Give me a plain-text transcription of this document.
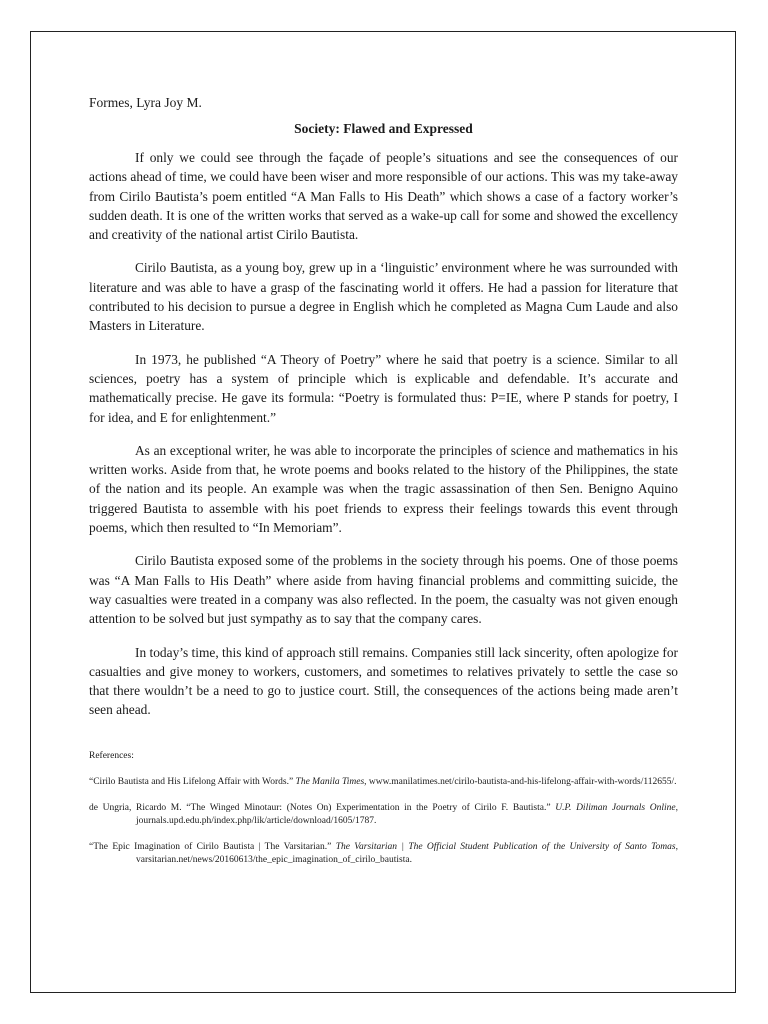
Formes, Lyra Joy M.

Society: Flawed and Expressed

If only we could see through the façade of people’s situations and see the consequences of our actions ahead of time, we could have been wiser and more responsible of our actions. This was my take-away from Cirilo Bautista’s poem entitled “A Man Falls to His Death” which shows a case of a factory worker’s sudden death. It is one of the written works that served as a wake-up call for some and showed the excellency and creativity of the national artist Cirilo Bautista.

Cirilo Bautista, as a young boy, grew up in a ‘linguistic’ environment where he was surrounded with literature and was able to have a grasp of the fascinating world it offers. He had a passion for literature that contributed to his decision to pursue a degree in English which he completed as Magna Cum Laude and also Masters in Literature.

In 1973, he published “A Theory of Poetry” where he said that poetry is a science. Similar to all sciences, poetry has a system of principle which is explicable and defendable. It’s accurate and mathematically precise. He gave its formula: “Poetry is formulated thus: P=IE, where P stands for poetry, I for idea, and E for enlightenment.”

As an exceptional writer, he was able to incorporate the principles of science and mathematics in his written works. Aside from that, he wrote poems and books related to the history of the Philippines, the state of the nation and its people. An example was when the tragic assassination of then Sen. Benigno Aquino triggered Bautista to assemble with his poet friends to express their feelings towards this event through poems, which then resulted to “In Memoriam”.

Cirilo Bautista exposed some of the problems in the society through his poems. One of those poems was “A Man Falls to His Death” where aside from having financial problems and committing suicide, the way casualties were treated in a company was also reflected. In the poem, the casualty was not given enough attention to be solved but just sympathy as to say that the company cares.

In today’s time, this kind of approach still remains. Companies still lack sincerity, often apologize for casualties and give money to workers, customers, and sometimes to relatives privately to settle the case so that there wouldn’t be a need to go to justice court. Still, the consequences of the actions being made aren’t seen ahead.

References:

“Cirilo Bautista and His Lifelong Affair with Words.” The Manila Times, www.manilatimes.net/cirilo-bautista-and-his-lifelong-affair-with-words/112655/.

de Ungria, Ricardo M. “The Winged Minotaur: (Notes On) Experimentation in the Poetry of Cirilo F. Bautista.” U.P. Diliman Journals Online, journals.upd.edu.ph/index.php/lik/article/download/1605/1787.

“The Epic Imagination of Cirilo Bautista | The Varsitarian.” The Varsitarian | The Official Student Publication of the University of Santo Tomas, varsitarian.net/news/20160613/the_epic_imagination_of_cirilo_bautista.
